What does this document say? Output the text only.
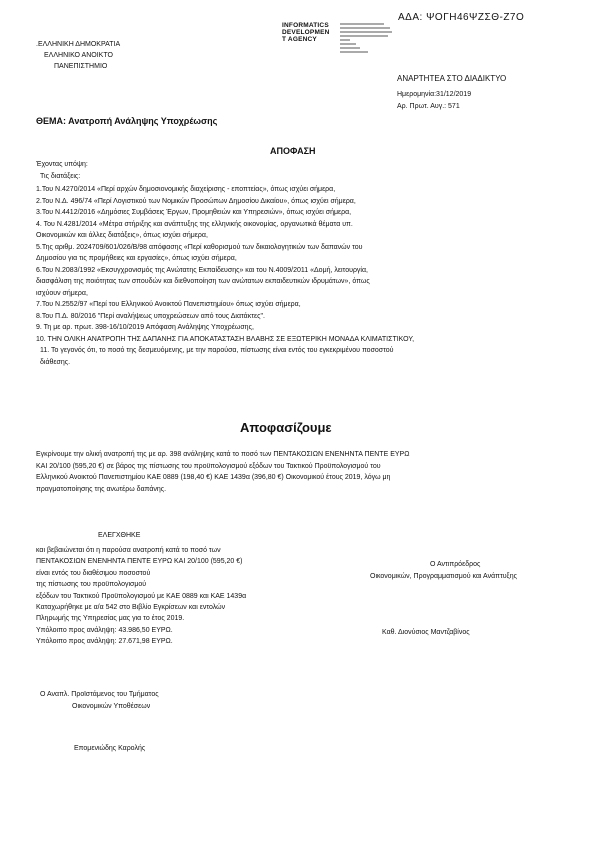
ΑΔΑ: ΨΟΓΗ46ΨΖΣΘ-Ζ7Ο
INFORMATICS
DEVELOPMEN
T AGENCY
.ΕΛΛΗΝΙΚΗ ΔΗΜΟΚΡΑΤΙΑ
ΕΛΛΗΝΙΚΟ ΑΝΟΙΚΤΟ
ΠΑΝΕΠΙΣΤΗΜΙΟ
ΑΝΑΡΤΗΤΕΑ ΣΤΟ ΔΙΑΔΙΚΤΥΟ
Ημερομηνία:31/12/2019
Αρ. Πρωτ. Αυγ.: 571
ΘΕΜΑ: Ανατροπή Ανάληψης Υποχρέωσης
ΑΠΟΦΑΣΗ
Έχοντας υπόψη:
Τις διατάξεις:
1.Του Ν.4270/2014 «Περί αρχών δημοσιονομικής διαχείρισης - εποπτείας», όπως ισχύει σήμερα,
2.Του Ν.Δ. 496/74 «Περί Λογιστικού των Νομικών Προσώπων Δημοσίου Δικαίου», όπως ισχύει σήμερα,
3.Του Ν.4412/2016 «Δημόσιες Συμβάσεις Έργων, Προμηθειών και Υπηρεσιών», όπως ισχύει σήμερα,
4. Του Ν.4281/2014 «Μέτρα στήριξης και ανάπτυξης της ελληνικής οικονομίας, οργανωτικά θέματα υπ.
Οικονομικών και άλλες διατάξεις», όπως ισχύει σήμερα,
5.Της αριθμ. 2024709/601/026/Β/98 απόφασης «Περί καθορισμού των δικαιολογητικών των δαπανών του
Δημοσίου για τις προμήθειες και εργασίες», όπως ισχύει σήμερα,
6.Του Ν.2083/1992 «Εκσυγχρονισμός της Ανώτατης Εκπαίδευσης» και του Ν.4009/2011 «Δομή, λειτουργία,
διασφάλιση της ποιότητας των σπουδών και διεθνοποίηση των ανώτατων εκπαιδευτικών ιδρυμάτων», όπως
ισχύουν σήμερα,
7.Του Ν.2552/97 «Περί του Ελληνικού Ανοικτού Πανεπιστημίου» όπως ισχύει σήμερα,
8.Του Π.Δ. 80/2016 "Περί αναλήψεως υποχρεώσεων από τους Διατάκτες".
9. Τη με αρ. πρωτ. 398-16/10/2019 Απόφαση Ανάληψης Υποχρέωσης,
10. ΤΗΝ ΟΛΙΚΗ ΑΝΑΤΡΟΠΗ ΤΗΣ ΔΑΠΑΝΗΣ ΓΙΑ ΑΠΟΚΑΤΑΣΤΑΣΗ ΒΛΑΒΗΣ ΣΕ ΕΞΩΤΕΡΙΚΗ ΜΟΝΑΔΑ ΚΛΙΜΑΤΙΣΤΙΚΟΥ,
11. Το γεγονός ότι, το ποσό της δεσμευόμενης, με την παρούσα, πίστωσης είναι εντός του εγκεκριμένου ποσοστού
διάθεσης.
Αποφασίζουμε
Εγκρίνουμε την ολική ανατροπή της με αρ. 398 ανάληψης κατά το ποσό των ΠΕΝΤΑΚΟΣΙΩΝ ΕΝΕΝΗΝΤΑ ΠΕΝΤΕ ΕΥΡΩ
ΚΑΙ 20/100 (595,20 €) σε βάρος της πίστωσης του προϋπολογισμού εξόδων του Τακτικού Προϋπολογισμού του
Ελληνικού Ανοικτού Πανεπιστημίου ΚΑΕ 0889 (198,40 €) ΚΑΕ 1439α (396,80 €) Οικονομικού έτους 2019, λόγω μη
πραγματοποίησης της ανωτέρω δαπάνης.
ΕΛΕΓΧΘΗΚΕ
και βεβαιώνεται ότι η παρούσα ανατροπή κατά το ποσό των
ΠΕΝΤΑΚΟΣΙΩΝ ΕΝΕΝΗΝΤΑ ΠΕΝΤΕ ΕΥΡΩ ΚΑΙ 20/100 (595,20 €)
είναι εντός του διαθέσιμου ποσοστού
της πίστωσης του προϋπολογισμού
εξόδων του Τακτικού Προϋπολογισμού με ΚΑΕ 0889 και ΚΑΕ 1439α
Καταχωρήθηκε με α/α 542 στο Βιβλίο Εγκρίσεων και εντολών
Πληρωμής της Υπηρεσίας μας για το έτος 2019.
Υπόλοιπο προς ανάληψη: 43.986,50 ΕΥΡΩ.
Υπόλοιπο προς ανάληψη: 27.671,98 ΕΥΡΩ.
Ο Αντιπρόεδρος
Οικονομικών, Προγραμματισμού και Ανάπτυξης
Καθ. Διονύσιος Μαντζαβίνος
Ο Αναπλ. Προϊστάμενος του Τμήματος
Οικονομικών Υποθέσεων
Επομενιώδης Καρολής
